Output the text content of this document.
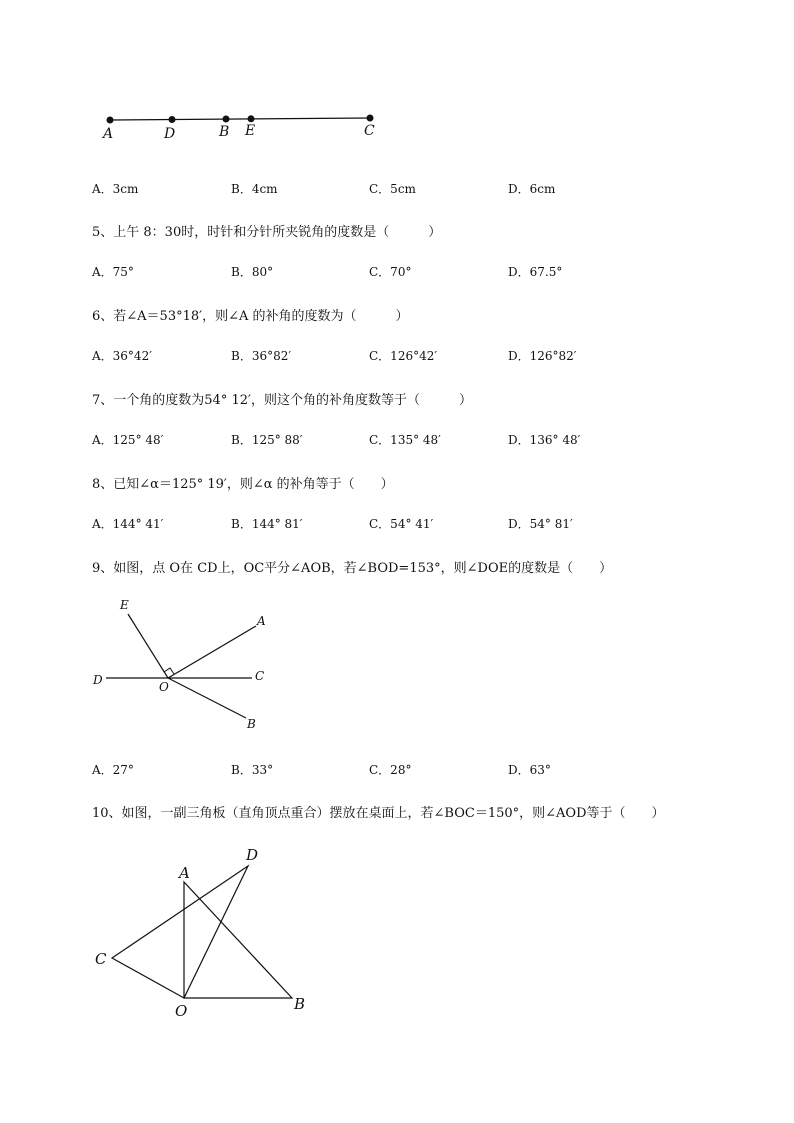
A	D	B E	C
A．3cm	B．4cm	C．5cm	D．6cm
5、上午 8：30时，时针和分针所夹锐角的度数是（　　　）
A．75°	B．80°	C．70°	D．67.5°
6、若∠A＝53°18′，则∠A 的补角的度数为（　　　）
A．36°42′	B．36°82′	C．126°42′	D．126°82′
7、一个角的度数为54° 12′，则这个角的补角度数等于（　　　）
A．125° 48′	B．125° 88′	C．135° 48′	D．136° 48′
8、已知∠α＝125° 19′，则∠α 的补角等于（　　）
A．144° 41′	B．144° 81′	C．54° 41′	D．54° 81′
9、如图，点 O在 CD上，OC平分∠AOB，若∠BOD=153°，则∠DOE的度数是（　　）
E
A
D	O
C
B
A．27°	B．33°	C．28°	D．63°
10、如图，一副三角板（直角顶点重合）摆放在桌面上，若∠BOC＝150°，则∠AOD等于（　　）
D
A
C
O	B
